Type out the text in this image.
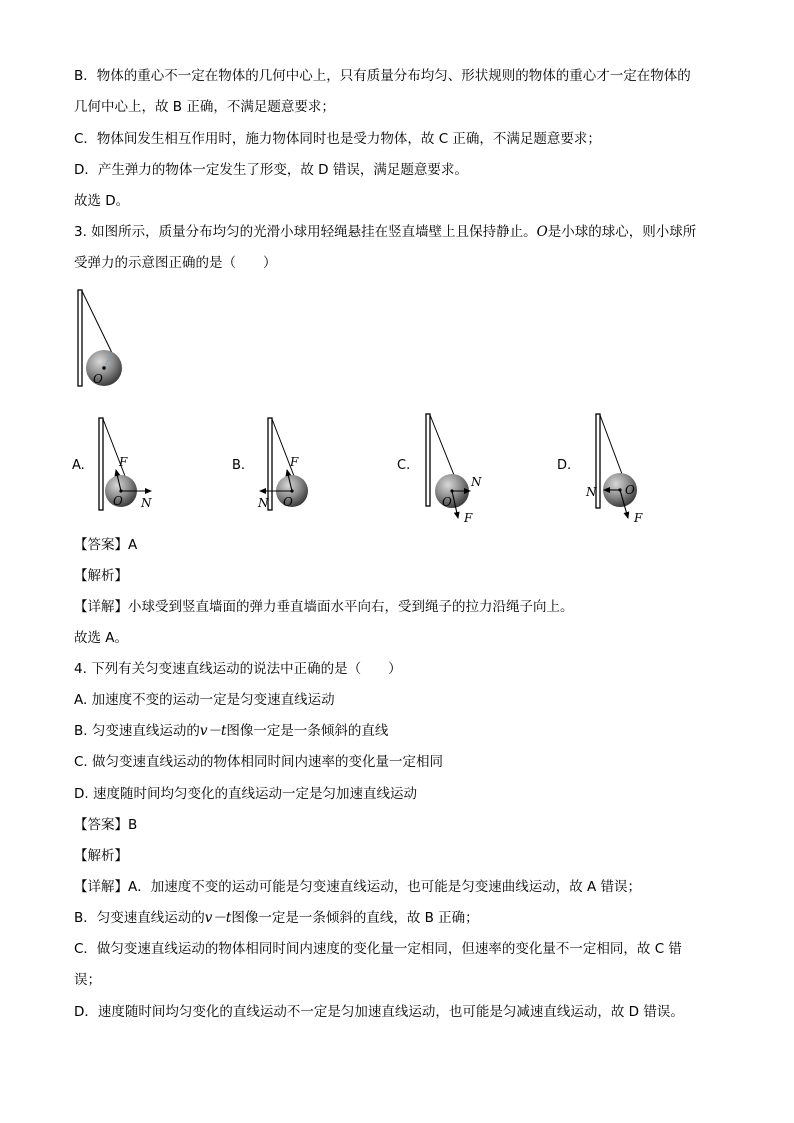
B．物体的重心不一定在物体的几何中心上，只有质量分布均匀、形状规则的物体的重心才一定在物体的
几何中心上，故 B 正确，不满足题意要求；
C．物体间发生相互作用时，施力物体同时也是受力物体，故 C 正确，不满足题意要求；
D．产生弹力的物体一定发生了形变，故 D 错误，满足题意要求。
故选 D。
3. 如图所示，质量分布均匀的光滑小球用轻绳悬挂在竖直墙壁上且保持静止。O是小球的球心，则小球所
受弹力的示意图正确的是（　　）
O
A.	F
O N
B.	F
O
N
C.
N
O
F
D.
N O
F
【答案】A
【解析】
【详解】小球受到竖直墙面的弹力垂直墙面水平向右，受到绳子的拉力沿绳子向上。
故选 A。
4. 下列有关匀变速直线运动的说法中正确的是（　　）
A. 加速度不变的运动一定是匀变速直线运动
B. 匀变速直线运动的v－t图像一定是一条倾斜的直线
C. 做匀变速直线运动的物体相同时间内速率的变化量一定相同
D. 速度随时间均匀变化的直线运动一定是匀加速直线运动
【答案】B
【解析】
【详解】A．加速度不变的运动可能是匀变速直线运动，也可能是匀变速曲线运动，故 A 错误；
B．匀变速直线运动的v－t图像一定是一条倾斜的直线，故 B 正确；
C．做匀变速直线运动的物体相同时间内速度的变化量一定相同，但速率的变化量不一定相同，故 C 错
误；
D．速度随时间均匀变化的直线运动不一定是匀加速直线运动，也可能是匀减速直线运动，故 D 错误。
